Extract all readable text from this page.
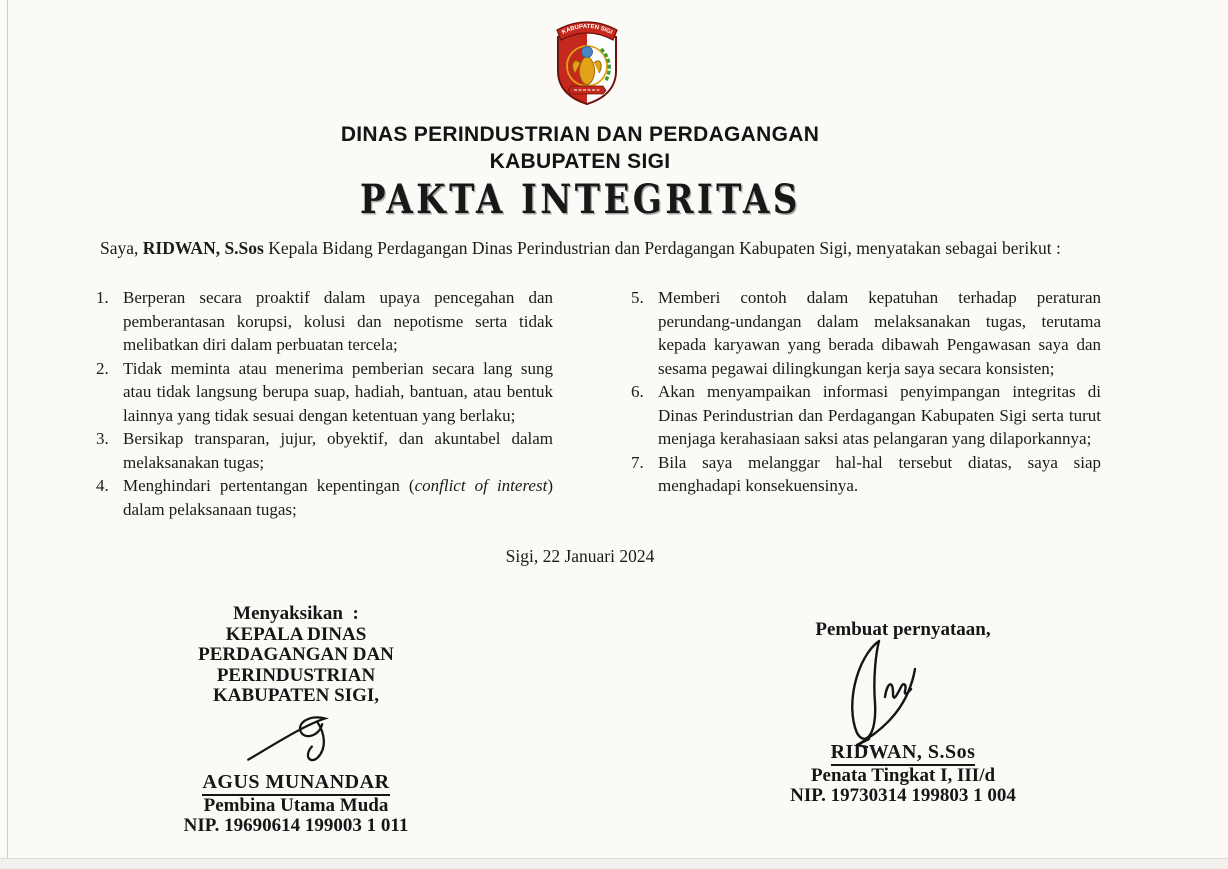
KABUPATEN SIGI
DINAS PERINDUSTRIAN DAN PERDAGANGAN
KABUPATEN SIGI
PAKTA INTEGRITAS
Saya, RIDWAN, S.Sos Kepala Bidang Perdagangan Dinas Perindustrian dan Perdagangan Kabupaten Sigi, menyatakan sebagai berikut :
1. Berperan secara proaktif dalam upaya pencegahan dan pemberantasan korupsi, kolusi dan nepotisme serta tidak melibatkan diri dalam perbuatan tercela;
2. Tidak meminta atau menerima pemberian secara lang sung atau tidak langsung berupa suap, hadiah, bantuan, atau bentuk lainnya yang tidak sesuai dengan ketentuan yang berlaku;
3. Bersikap transparan, jujur, obyektif, dan akuntabel dalam melaksanakan tugas;
4. Menghindari pertentangan kepentingan (conflict of interest) dalam pelaksanaan tugas;
5. Memberi contoh dalam kepatuhan terhadap peraturan perundang-undangan dalam melaksanakan tugas, terutama kepada karyawan yang berada dibawah Pengawasan saya dan sesama pegawai dilingkungan kerja saya secara konsisten;
6. Akan menyampaikan informasi penyimpangan integritas di Dinas Perindustrian dan Perdagangan Kabupaten Sigi serta turut menjaga kerahasiaan saksi atas pelangaran yang dilaporkannya;
7. Bila saya melanggar hal-hal tersebut diatas, saya siap menghadapi konsekuensinya.
Sigi, 22 Januari 2024
Menyaksikan  :
KEPALA DINAS
PERDAGANGAN DAN PERINDUSTRIAN
KABUPATEN SIGI,
AGUS MUNANDAR
Pembina Utama Muda
NIP. 19690614 199003 1 011
Pembuat pernyataan,
RIDWAN, S.Sos
Penata Tingkat I, III/d
NIP. 19730314 199803 1 004
